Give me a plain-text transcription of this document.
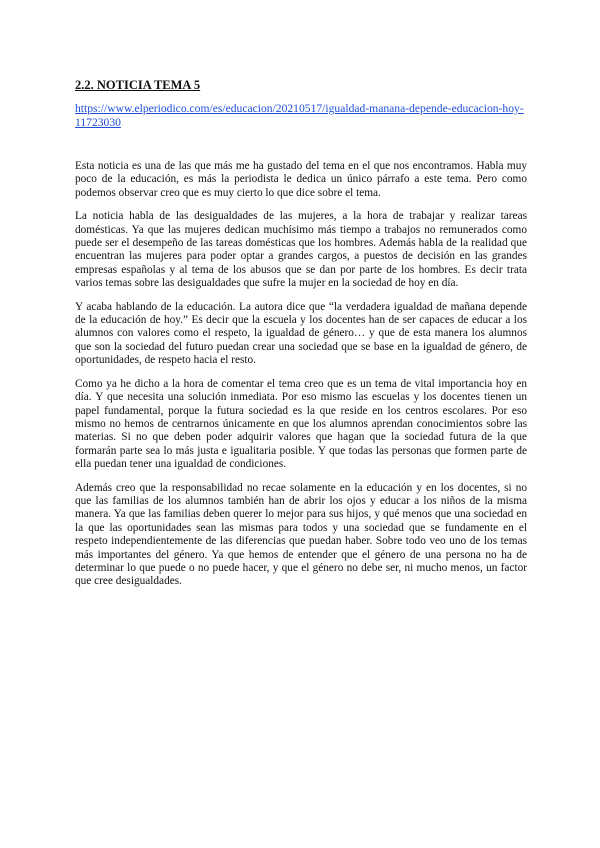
2.2. NOTICIA TEMA 5
https://www.elperiodico.com/es/educacion/20210517/igualdad-manana-depende-educacion-hoy-11723030

Esta noticia es una de las que más me ha gustado del tema en el que nos encontramos. Habla muy poco de la educación, es más la periodista le dedica un único párrafo a este tema. Pero como podemos observar creo que es muy cierto lo que dice sobre el tema.

La noticia habla de las desigualdades de las mujeres, a la hora de trabajar y realizar tareas domésticas. Ya que las mujeres dedican muchísimo más tiempo a trabajos no remunerados como puede ser el desempeño de las tareas domésticas que los hombres. Además habla de la realidad que encuentran las mujeres para poder optar a grandes cargos, a puestos de decisión en las grandes empresas españolas y al tema de los abusos que se dan por parte de los hombres. Es decir trata varios temas sobre las desigualdades que sufre la mujer en la sociedad de hoy en día.

Y acaba hablando de la educación. La autora dice que “la verdadera igualdad de mañana depende de la educación de hoy.” Es decir que la escuela y los docentes han de ser capaces de educar a los alumnos con valores como el respeto, la igualdad de género… y que de esta manera los alumnos que son la sociedad del futuro puedan crear una sociedad que se base en la igualdad de género, de oportunidades, de respeto hacia el resto.

Como ya he dicho a la hora de comentar el tema creo que es un tema de vital importancia hoy en día. Y que necesita una solución inmediata. Por eso mismo las escuelas y los docentes tienen un papel fundamental, porque la futura sociedad es la que reside en los centros escolares. Por eso mismo no hemos de centrarnos únicamente en que los alumnos aprendan conocimientos sobre las materias. Si no que deben poder adquirir valores que hagan que la sociedad futura de la que formarán parte sea lo más justa e igualitaria posible. Y que todas las personas que formen parte de ella puedan tener una igualdad de condiciones.

Además creo que la responsabilidad no recae solamente en la educación y en los docentes, si no que las familias de los alumnos también han de abrir los ojos y educar a los niños de la misma manera. Ya que las familias deben querer lo mejor para sus hijos, y qué menos que una sociedad en la que las oportunidades sean las mismas para todos y una sociedad que se fundamente en el respeto independientemente de las diferencias que puedan haber. Sobre todo veo uno de los temas más importantes del género. Ya que hemos de entender que el género de una persona no ha de determinar lo que puede o no puede hacer, y que el género no debe ser, ni mucho menos, un factor que cree desigualdades.
